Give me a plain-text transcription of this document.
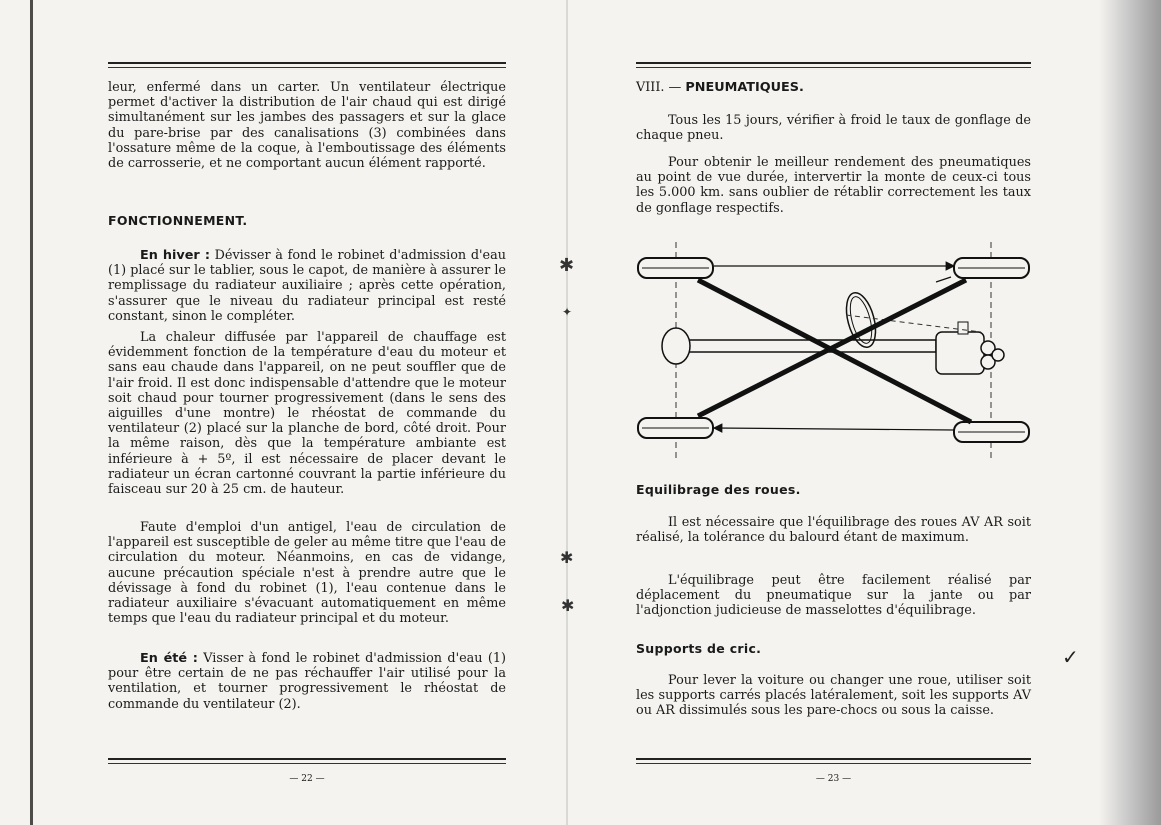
✱
✦
✱
✱

leur, enfermé dans un carter. Un ventilateur électrique permet d'activer la distribution de l'air chaud qui est dirigé simultanément sur les jambes des passagers et sur la glace du pare-brise par des canalisations (3) combinées dans l'ossature même de la coque, à l'emboutissage des éléments de carrosserie, et ne comportant aucun élément rapporté.

FONCTIONNEMENT.

En hiver : Dévisser à fond le robinet d'admission d'eau (1) placé sur le tablier, sous le capot, de manière à assurer le remplissage du radiateur auxiliaire ; après cette opération, s'assurer que le niveau du radiateur principal est resté constant, sinon le compléter.

La chaleur diffusée par l'appareil de chauffage est évidemment fonction de la température d'eau du moteur et sans eau chaude dans l'appareil, on ne peut souffler que de l'air froid. Il est donc indispensable d'attendre que le moteur soit chaud pour tourner progressivement (dans le sens des aiguilles d'une montre) le rhéostat de commande du ventilateur (2) placé sur la planche de bord, côté droit. Pour la même raison, dès que la température ambiante est inférieure à + 5º, il est nécessaire de placer devant le radiateur un écran cartonné couvrant la partie inférieure du faisceau sur 20 à 25 cm. de hauteur.

Faute d'emploi d'un antigel, l'eau de circulation de l'appareil est susceptible de geler au même titre que l'eau de circulation du moteur. Néanmoins, en cas de vidange, aucune précaution spéciale n'est à prendre autre que le dévissage à fond du robinet (1), l'eau contenue dans le radiateur auxiliaire s'évacuant automatiquement en même temps que l'eau du radiateur principal et du moteur.

En été : Visser à fond le robinet d'admission d'eau (1) pour être certain de ne pas réchauffer l'air utilisé pour la ventilation, et tourner progressivement le rhéostat de commande du ventilateur (2).

— 22 —
VIII. — PNEUMATIQUES.

Tous les 15 jours, vérifier à froid le taux de gonflage de chaque pneu.

Pour obtenir le meilleur rendement des pneumatiques au point de vue durée, intervertir la monte de ceux-ci tous les 5.000 km. sans oublier de rétablir correctement les taux de gonflage respectifs.

Equilibrage des roues.

Il est nécessaire que l'équilibrage des roues AV AR soit réalisé, la tolérance du balourd étant de maximum.

L'équilibrage peut être facilement réalisé par déplacement du pneumatique sur la jante ou par l'adjonction judicieuse de masselottes d'équilibrage.

Supports de cric.

Pour lever la voiture ou changer une roue, utiliser soit les supports carrés placés latéralement, soit les supports AV ou AR dissimulés sous les pare-chocs ou sous la caisse.

— 23 —
✓
